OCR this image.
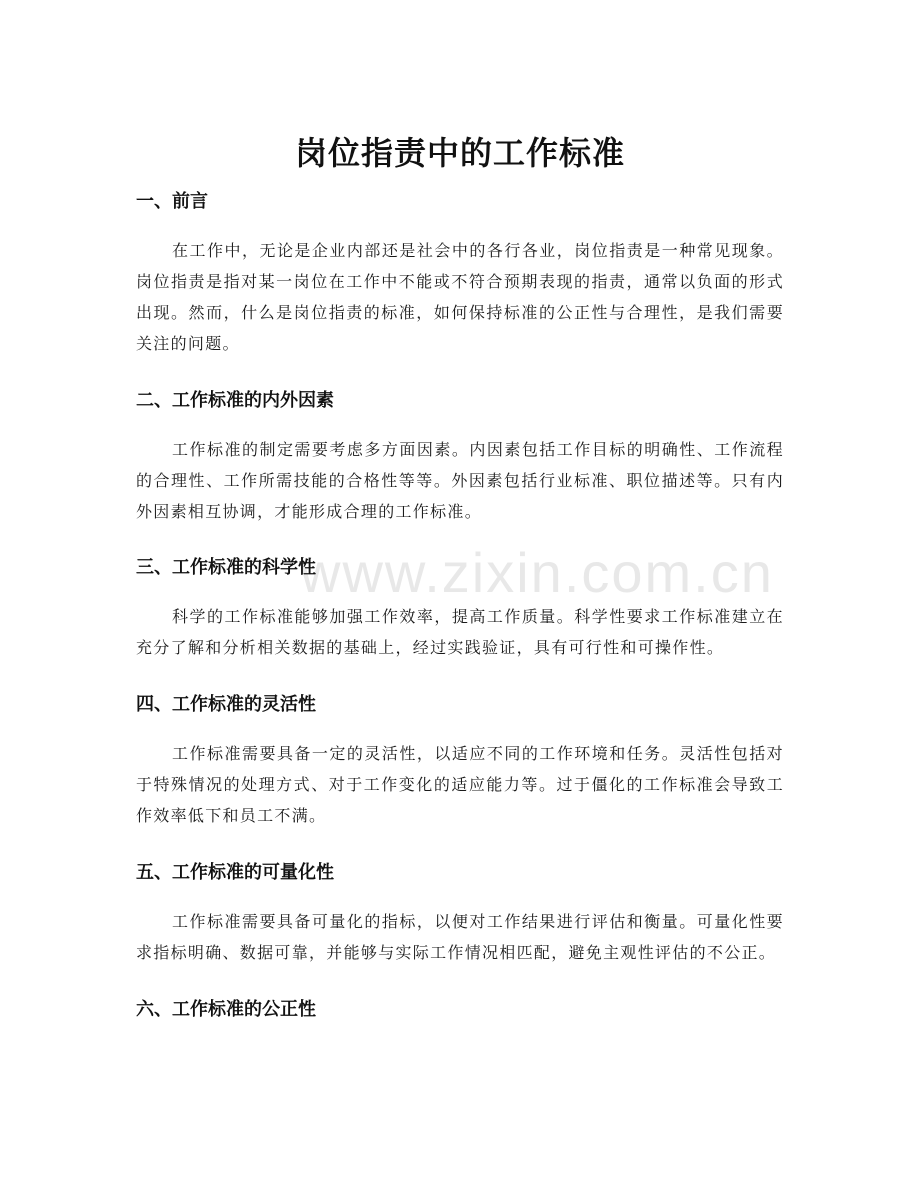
www.zixin.com.cn
岗位指责中的工作标准
一、前言

在工作中，无论是企业内部还是社会中的各行各业，岗位指责是一种常见现象。岗位指责是指对某一岗位在工作中不能或不符合预期表现的指责，通常以负面的形式出现。然而，什么是岗位指责的标准，如何保持标准的公正性与合理性，是我们需要关注的问题。

二、工作标准的内外因素

工作标准的制定需要考虑多方面因素。内因素包括工作目标的明确性、工作流程的合理性、工作所需技能的合格性等等。外因素包括行业标准、职位描述等。只有内外因素相互协调，才能形成合理的工作标准。

三、工作标准的科学性

科学的工作标准能够加强工作效率，提高工作质量。科学性要求工作标准建立在充分了解和分析相关数据的基础上，经过实践验证，具有可行性和可操作性。

四、工作标准的灵活性

工作标准需要具备一定的灵活性，以适应不同的工作环境和任务。灵活性包括对于特殊情况的处理方式、对于工作变化的适应能力等。过于僵化的工作标准会导致工作效率低下和员工不满。

五、工作标准的可量化性

工作标准需要具备可量化的指标，以便对工作结果进行评估和衡量。可量化性要求指标明确、数据可靠，并能够与实际工作情况相匹配，避免主观性评估的不公正。

六、工作标准的公正性
